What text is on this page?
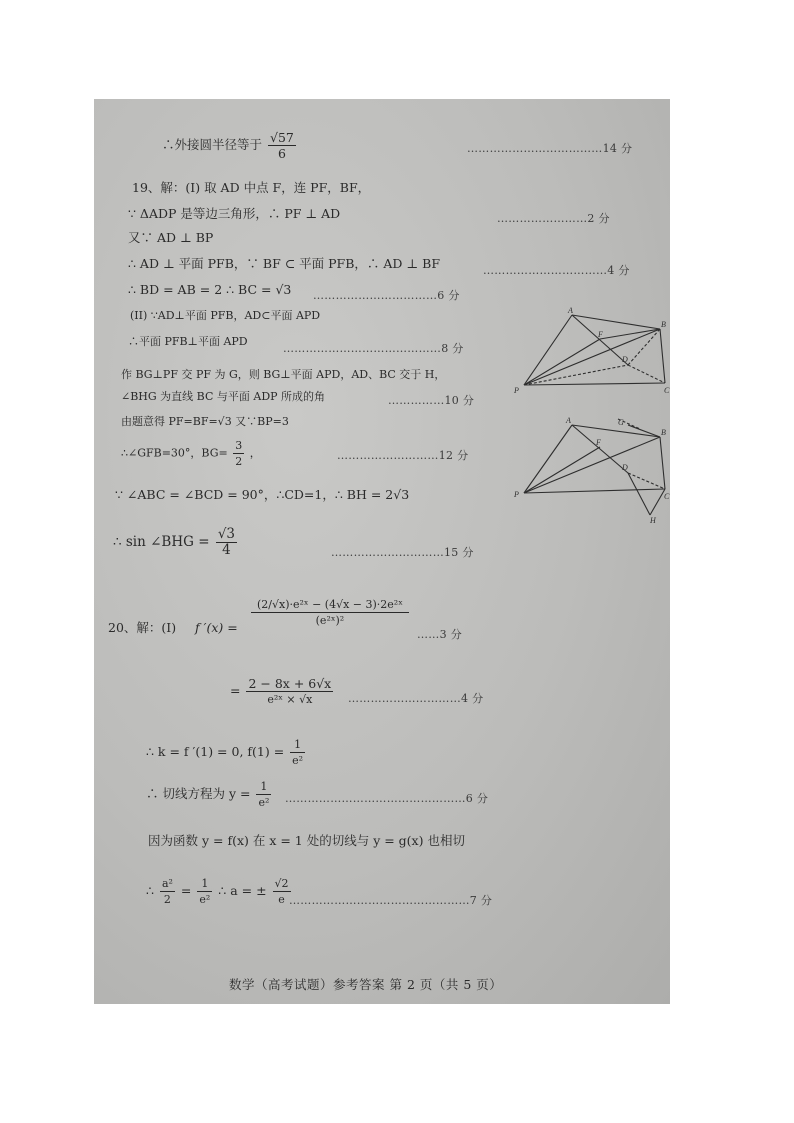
∴外接圆半径等于 $\frac{√57}{6}$	………………………………14 分
19、解：(I) 取 AD 中点 F，连 PF，BF，
∵ ΔADP 是等边三角形，∴ PF ⊥ AD	……………………2 分
又∵ AD ⊥ BP
∴ AD ⊥ 平面 PFB，∵ BF ⊂ 平面 PFB，∴ AD ⊥ BF	……………………………4 分
∴ BD = AB = 2 ∴ BC = √3 ……………………………6 分
(II) ∵AD⊥平面 PFB，AD⊂平面 APD
∴平面 PFB⊥平面 APD
……………………………………8 分
作 BG⊥PF 交 PF 为 G，则 BG⊥平面 APD，AD、BC 交于 H，
∠BHG 为直线 BC 与平面 ADP 所成的角	……………10 分
由题意得 PF=BF=√3 又∵BP=3
∴∠GFB=30°，$BG= \frac{3}{2}$ ，	………………………12 分
∵ ∠ABC = ∠BCD = 90°，∴CD=1，∴ BH = 2√3
∴ sin ∠BHG = $\frac{√3}{4}$	…………………………15 分
20、解：(I) f $'(x) = \frac{\text{(2/√x)·e²ˣ − (4√x − 3)·2e²ˣ}}{\text{(e²ˣ)²}}$
……3 分
= $\frac{2 - 8x + 6√x}{\text{e²ˣ × √x}}$ …………………………4 分
∴ k = f ′(1) = 0, $f(1) = \frac{1}{\text{e²}}$
∴ 切线方程为 $y = \frac{1}{\text{e²}}$ …………………………………………6 分
因为函数 y = f(x) 在 x = 1 处的切线与 y = g(x) 也相切
∴ $\frac{\text{a²}}{2} = \frac{1}{\text{e²}}$ ∴ a = ± $\frac{√2}{e}$
…………………………………………7 分
数学（高考试题）参考答案 第 2 页（共 5 页）
A
B
C
P
F
D
A	G
B
C
P
F
D
H
